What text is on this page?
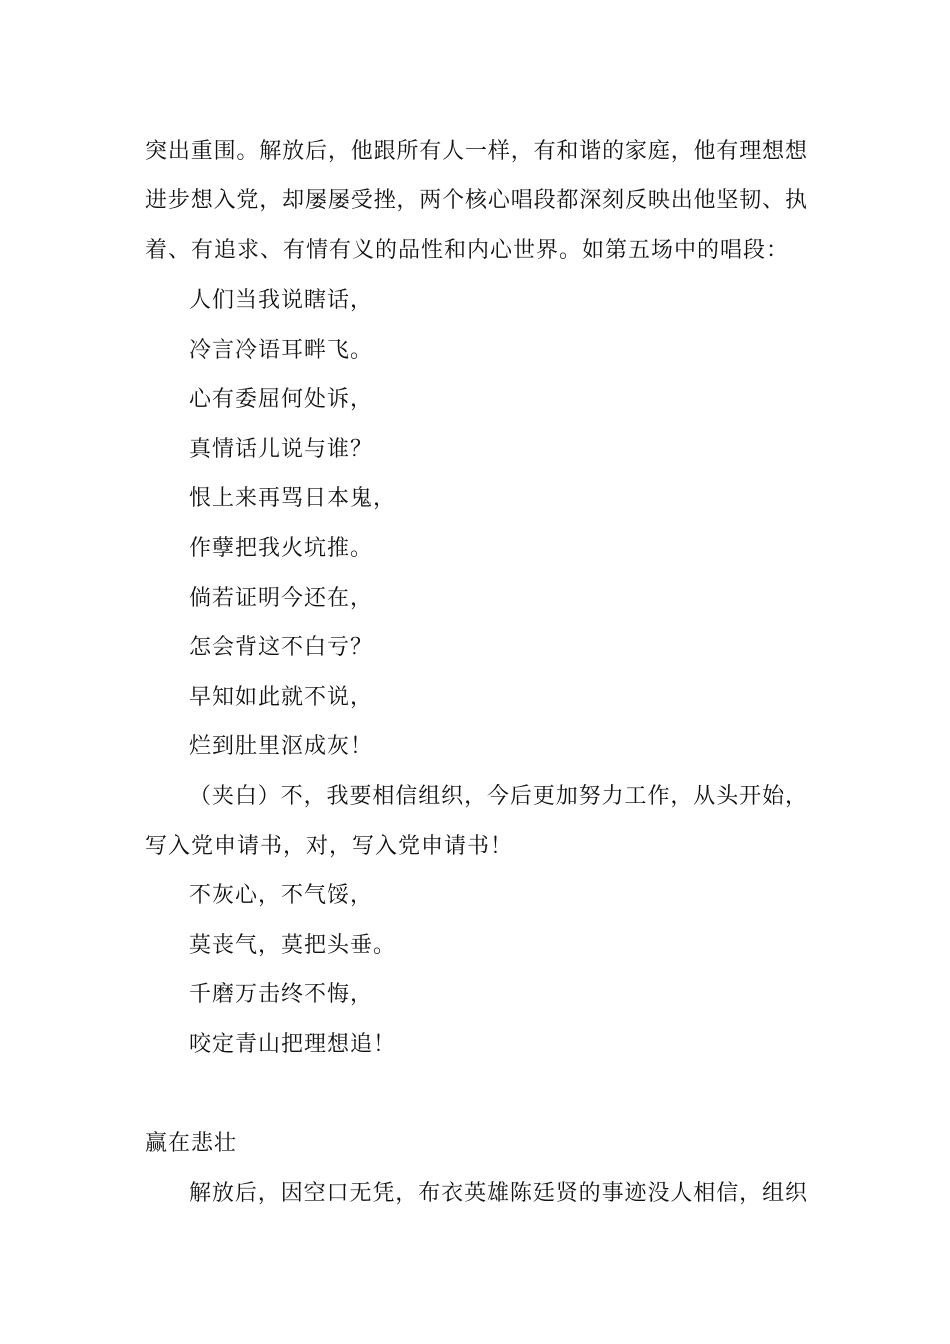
突出重围。解放后，他跟所有人一样，有和谐的家庭，他有理想想
进步想入党，却屡屡受挫，两个核心唱段都深刻反映出他坚韧、执
着、有追求、有情有义的品性和内心世界。如第五场中的唱段：
人们当我说瞎话，
冷言冷语耳畔飞。
心有委屈何处诉，
真情话儿说与谁？
恨上来再骂日本鬼，
作孽把我火坑推。
倘若证明今还在，
怎会背这不白亏？
早知如此就不说，
烂到肚里沤成灰！
（夹白）不，我要相信组织，今后更加努力工作，从头开始，
写入党申请书，对，写入党申请书！
不灰心，不气馁，
莫丧气，莫把头垂。
千磨万击终不悔，
咬定青山把理想追！
赢在悲壮
解放后，因空口无凭，布衣英雄陈廷贤的事迹没人相信，组织
